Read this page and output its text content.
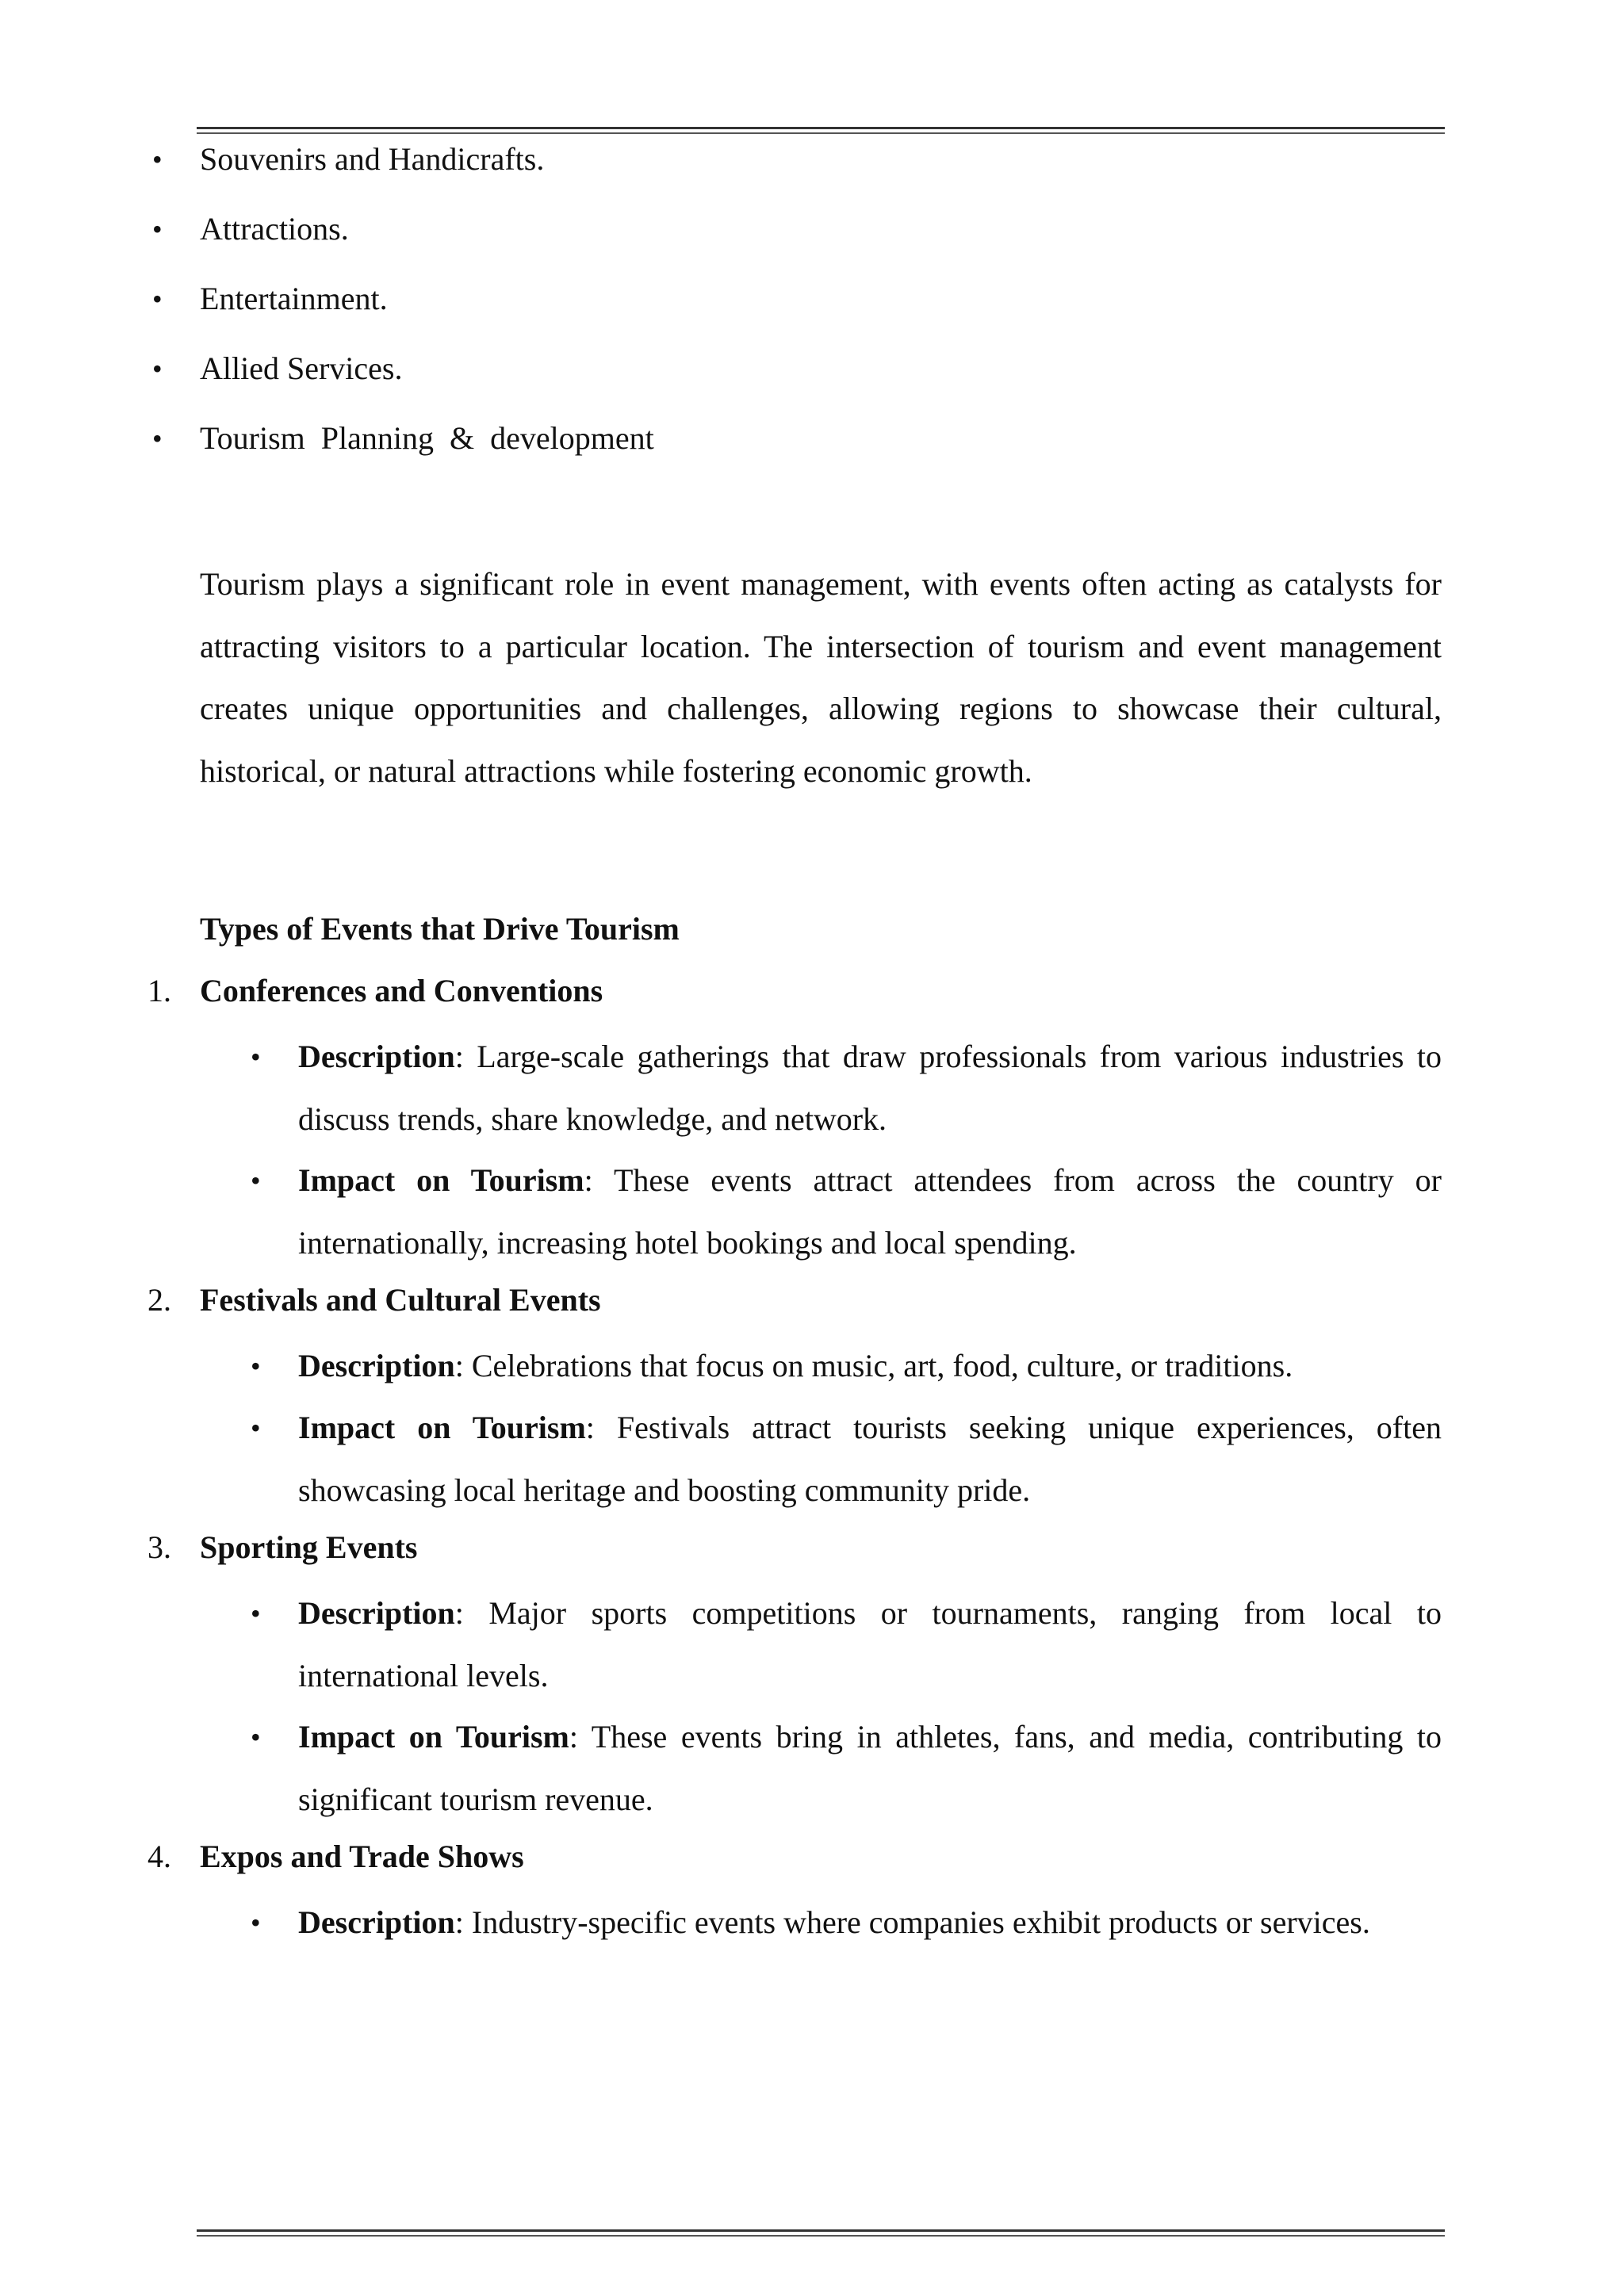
• Souvenirs and Handicrafts.
• Attractions.
• Entertainment.
• Allied Services.
• Tourism  Planning  &  development

Tourism plays a significant role in event management, with events often acting as catalysts for attracting visitors to a particular location. The intersection of tourism and event management creates unique opportunities and challenges, allowing regions to showcase their cultural, historical, or natural attractions while fostering economic growth.

Types of Events that Drive Tourism
1. Conferences and Conventions
• Description: Large-scale gatherings that draw professionals from various industries to discuss trends, share knowledge, and network.
• Impact on Tourism: These events attract attendees from across the country or internationally, increasing hotel bookings and local spending.
2. Festivals and Cultural Events
• Description: Celebrations that focus on music, art, food, culture, or traditions.
• Impact on Tourism: Festivals attract tourists seeking unique experiences, often showcasing local heritage and boosting community pride.
3. Sporting Events
• Description: Major sports competitions or tournaments, ranging from local to international levels.
• Impact on Tourism: These events bring in athletes, fans, and media, contributing to significant tourism revenue.
4. Expos and Trade Shows
• Description: Industry-specific events where companies exhibit products or services.
